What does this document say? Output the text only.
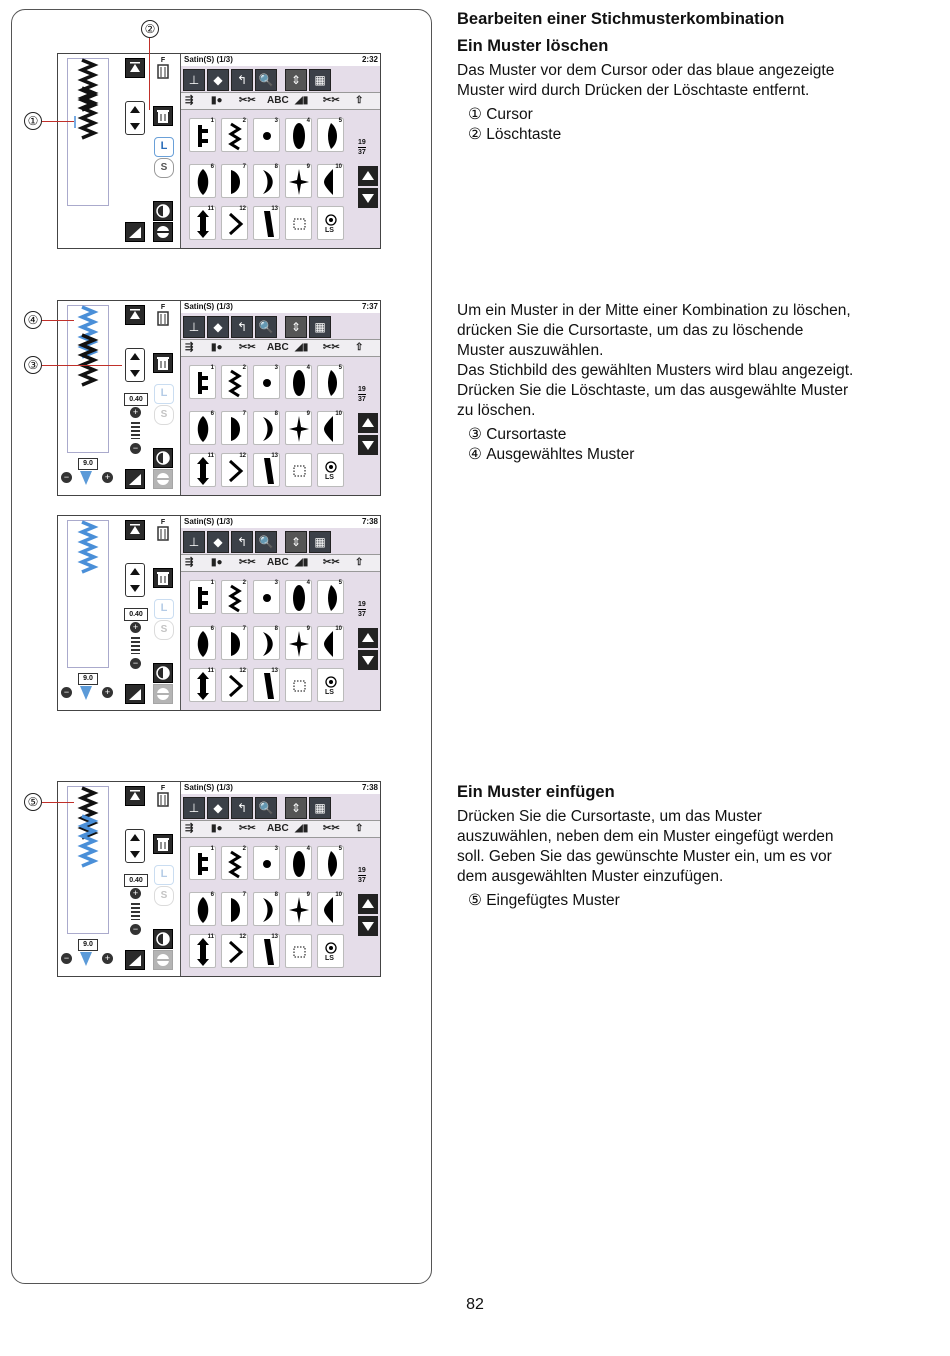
F
L
S
Satin(S) (1/3)	2:32
⊥	◆	↰ 🔍	⇕	▦
⇶ ▮● ✂✂ ABC ◢▮ ✂✂ ⇧
1	2	3	4	5
6	7	8	9	10
11	12	13
LS
19
37
F
L
S
0.40
+
−
9.0
−	+
Satin(S) (1/3)	7:37
⊥	◆	↰ 🔍	⇕	▦
⇶ ▮● ✂✂ ABC ◢▮ ✂✂ ⇧
1	2	3	4	5
6	7	8	9	10
11	12	13
LS
19
37
F
L
S
0.40
+
−
9.0
−	+
Satin(S) (1/3)	7:38
⊥	◆	↰ 🔍	⇕	▦
⇶ ▮● ✂✂ ABC ◢▮ ✂✂ ⇧
1	2	3	4	5
6	7	8	9	10
11	12	13
LS
19
37
F
L
S
0.40
+
−
9.0
−	+
Satin(S) (1/3)	7:38
⊥	◆	↰ 🔍	⇕	▦
⇶ ▮● ✂✂ ABC ◢▮ ✂✂ ⇧
1	2	3	4	5
6	7	8	9	10
11	12	13
LS
19
37
①
②
④
③
⑤
Bearbeiten einer Stichmusterkombination
Ein Muster löschen
Das Muster vor dem Cursor oder das blaue angezeigte Muster wird durch Drücken der Löschtaste entfernt.
① Cursor
② Löschtaste
Um ein Muster in der Mitte einer Kombination zu löschen,
drücken Sie die Cursortaste, um das zu löschende
Muster auszuwählen.
Das Stichbild des gewählten Musters wird blau angezeigt.
Drücken Sie die Löschtaste, um das ausgewählte Muster
zu löschen.
③ Cursortaste
④ Ausgewähltes Muster
Ein Muster einfügen
Drücken Sie die Cursortaste, um das Muster
auszuwählen, neben dem ein Muster eingefügt werden
soll. Geben Sie das gewünschte Muster ein, um es vor
dem ausgewählten Muster einzufügen.
⑤ Eingefügtes Muster
82
